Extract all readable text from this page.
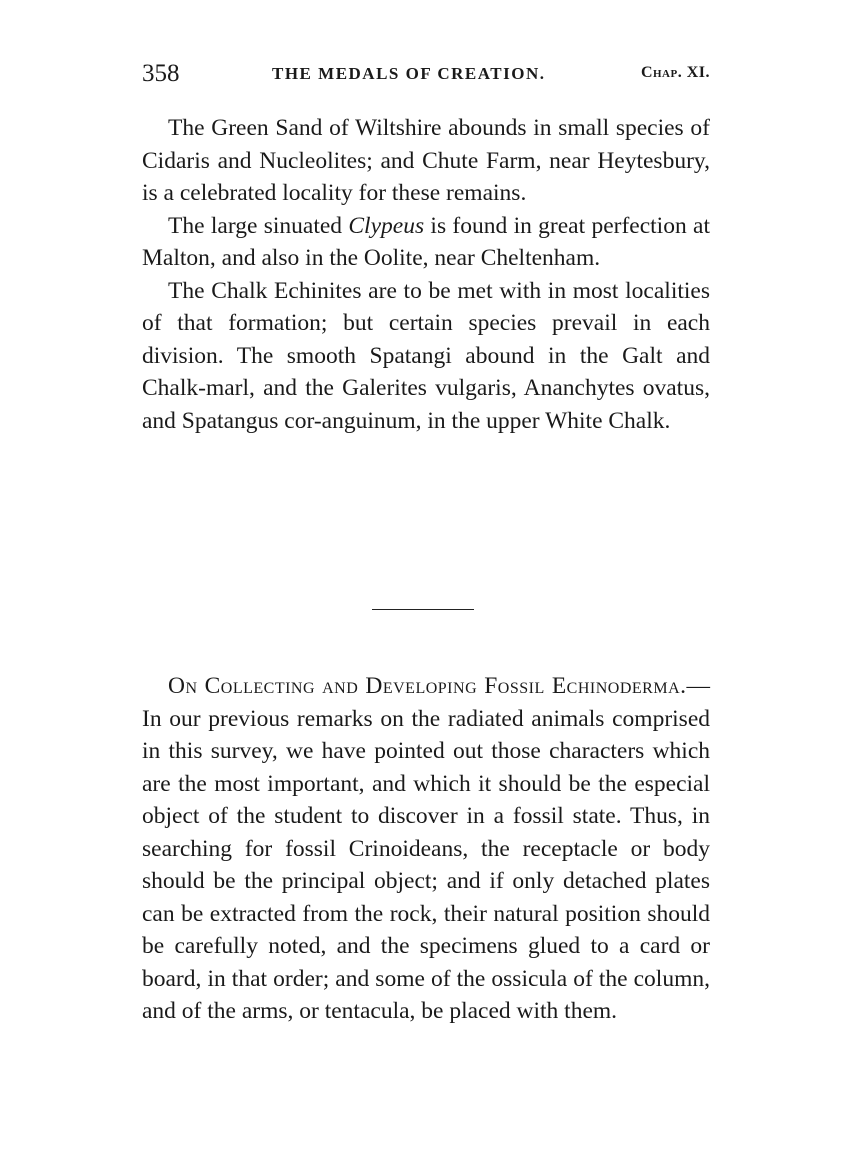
358	THE MEDALS OF CREATION.	Chap. XI.

The Green Sand of Wiltshire abounds in small species of Cidaris and Nucleolites; and Chute Farm, near Heytesbury, is a celebrated locality for these remains.

The large sinuated Clypeus is found in great perfection at Malton, and also in the Oolite, near Cheltenham.

The Chalk Echinites are to be met with in most localities of that formation; but certain species prevail in each division. The smooth Spatangi abound in the Galt and Chalk-marl, and the Galerites vulgaris, Ananchytes ovatus, and Spatangus cor-anguinum, in the upper White Chalk.

On Collecting and Developing Fossil Echinoderma.—In our previous remarks on the radiated animals comprised in this survey, we have pointed out those characters which are the most important, and which it should be the especial object of the student to discover in a fossil state. Thus, in searching for fossil Crinoideans, the receptacle or body should be the principal object; and if only detached plates can be extracted from the rock, their natural position should be carefully noted, and the specimens glued to a card or board, in that order; and some of the ossicula of the column, and of the arms, or tentacula, be placed with them.
